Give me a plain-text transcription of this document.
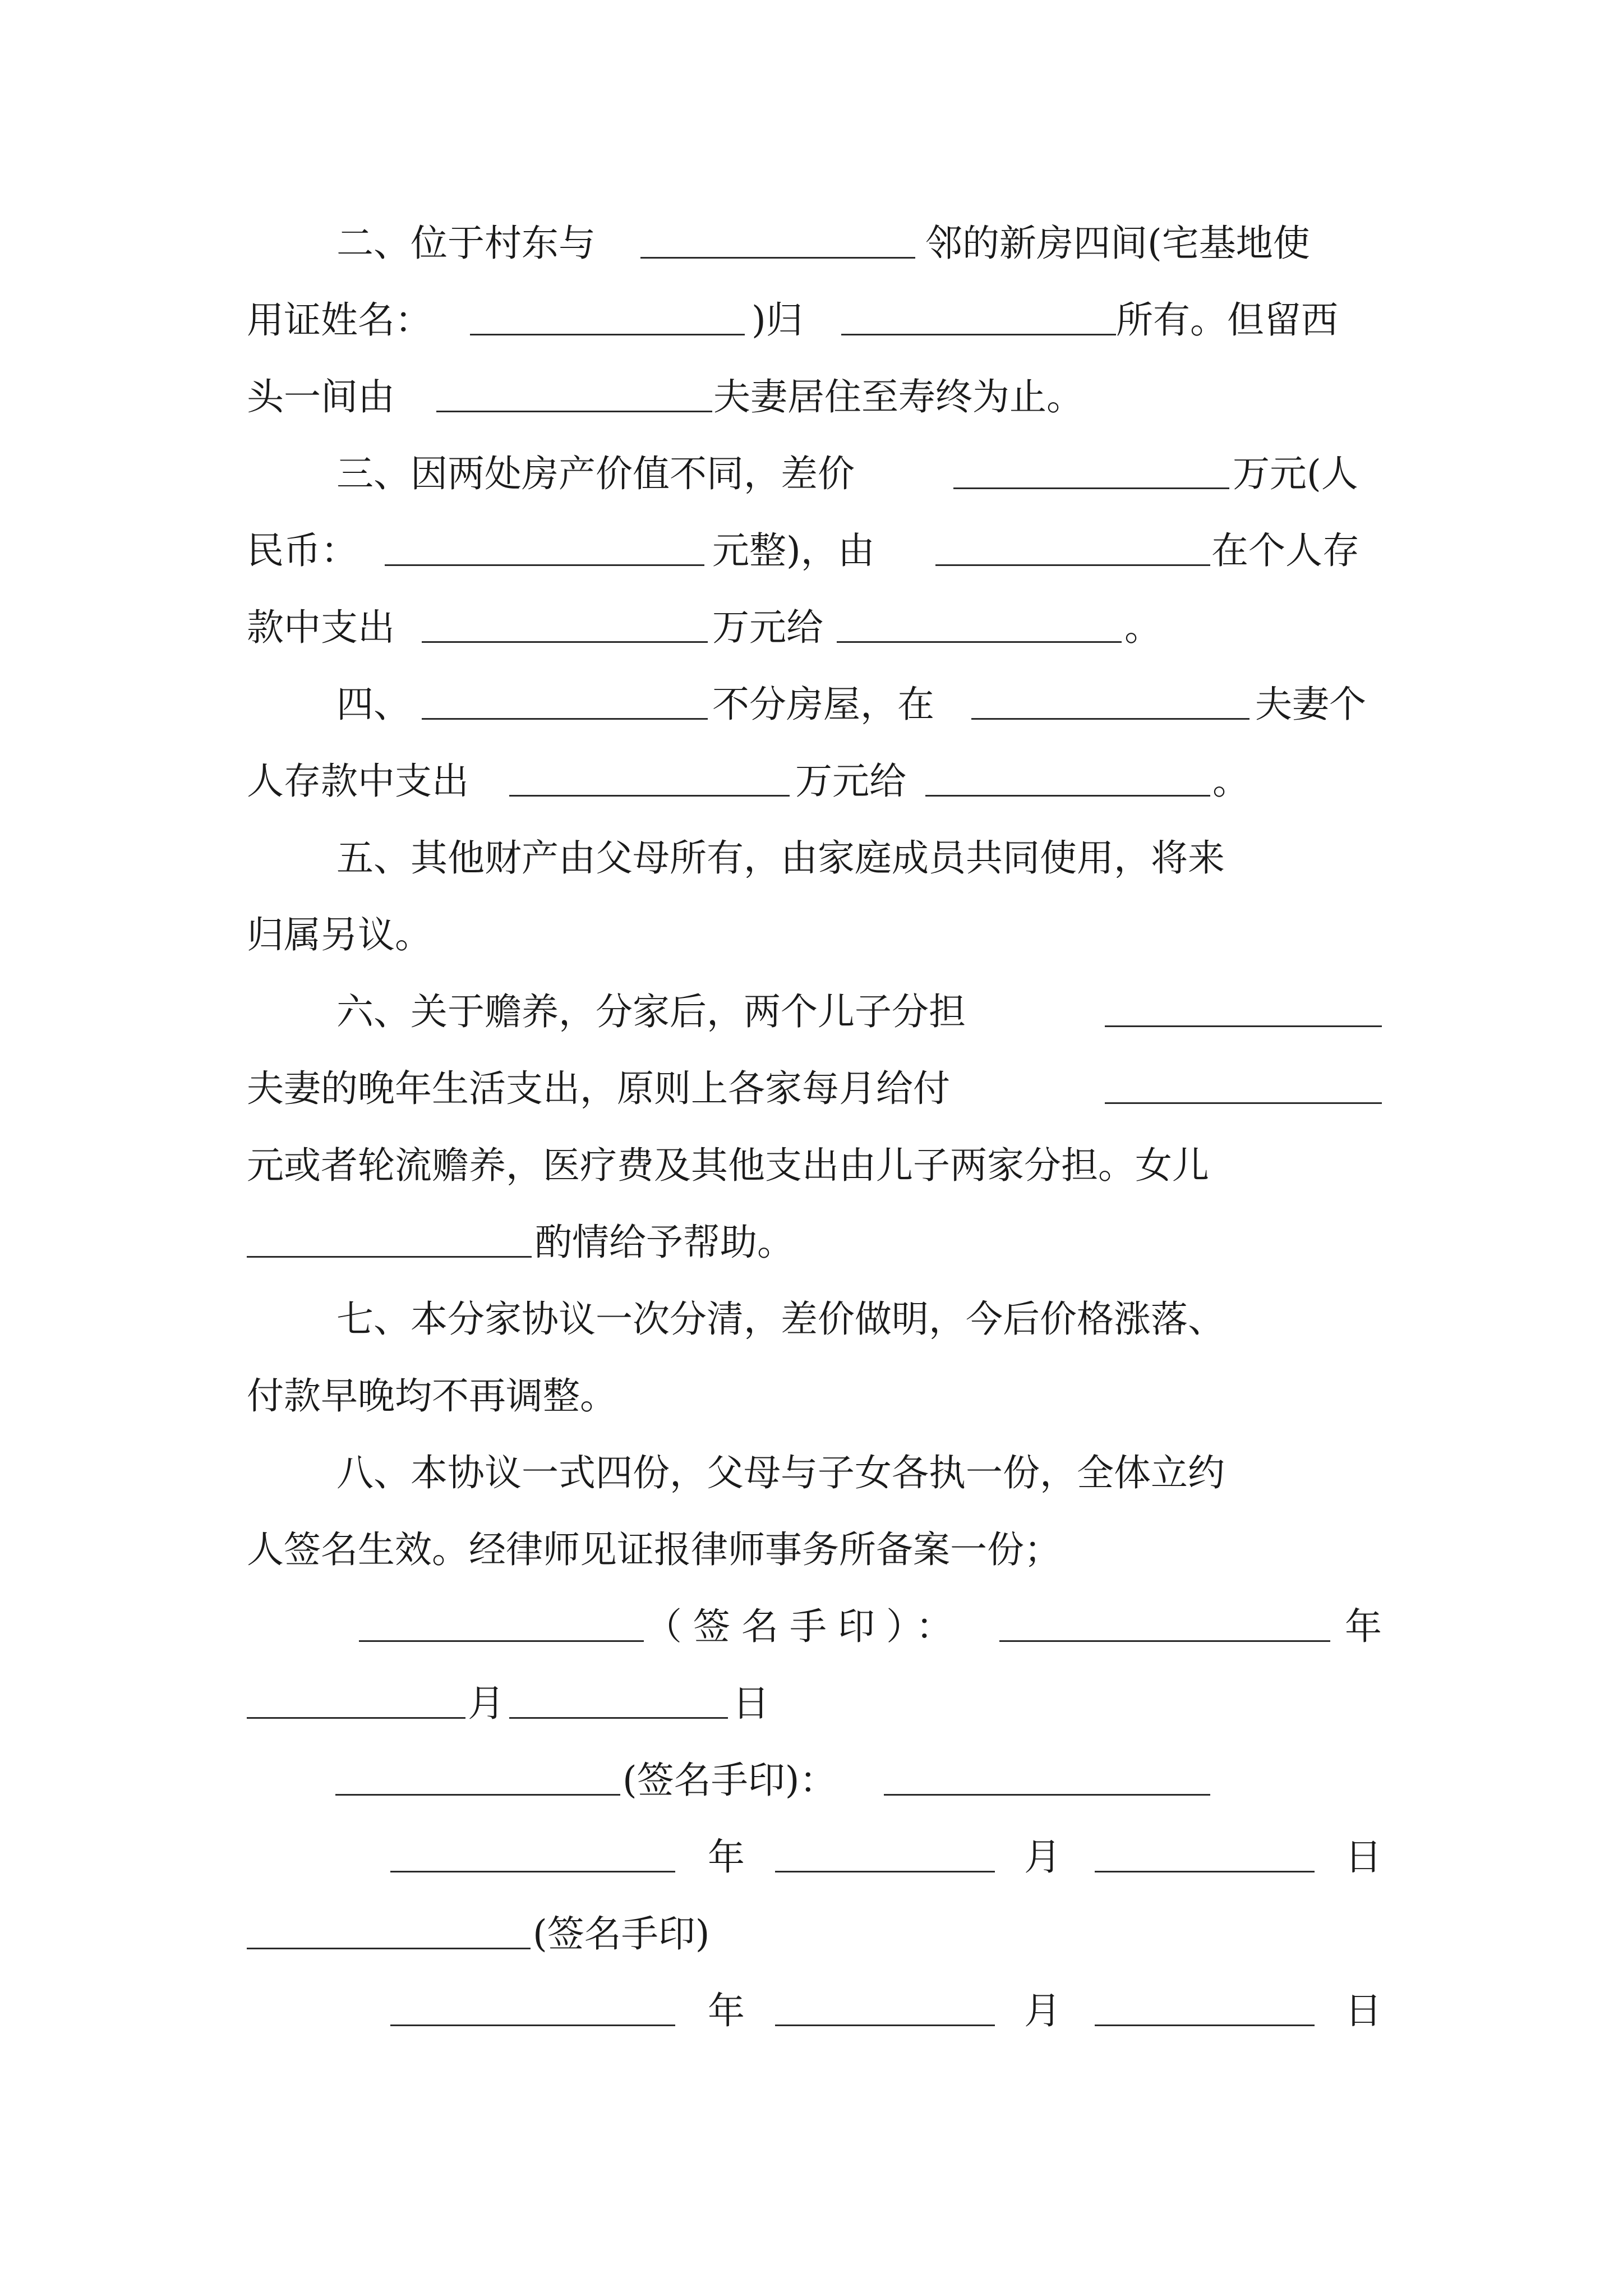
二、位于村东与	邻的新房四间(宅基地使
用证姓名：	)归	所有。但留西
头一间由	夫妻居住至寿终为止。
三、因两处房产价值不同，差价	万元(人
民币：	元整)，由	在个人存
款中支出	万元给	。
四、	不分房屋，在	夫妻个
人存款中支出	万元给	。
五、其他财产由父母所有，由家庭成员共同使用，将来
归属另议。
六、关于赡养，分家后，两个儿子分担
夫妻的晚年生活支出，原则上各家每月给付
元或者轮流赡养，医疗费及其他支出由儿子两家分担。女儿
酌情给予帮助。
七、本分家协议一次分清，差价做明，今后价格涨落、
付款早晚均不再调整。
八、本协议一式四份，父母与子女各执一份，全体立约
人签名生效。经律师见证报律师事务所备案一份；
（签名手印）：	年
月	日
(签名手印)：
年	月	日
(签名手印)
年	月	日
